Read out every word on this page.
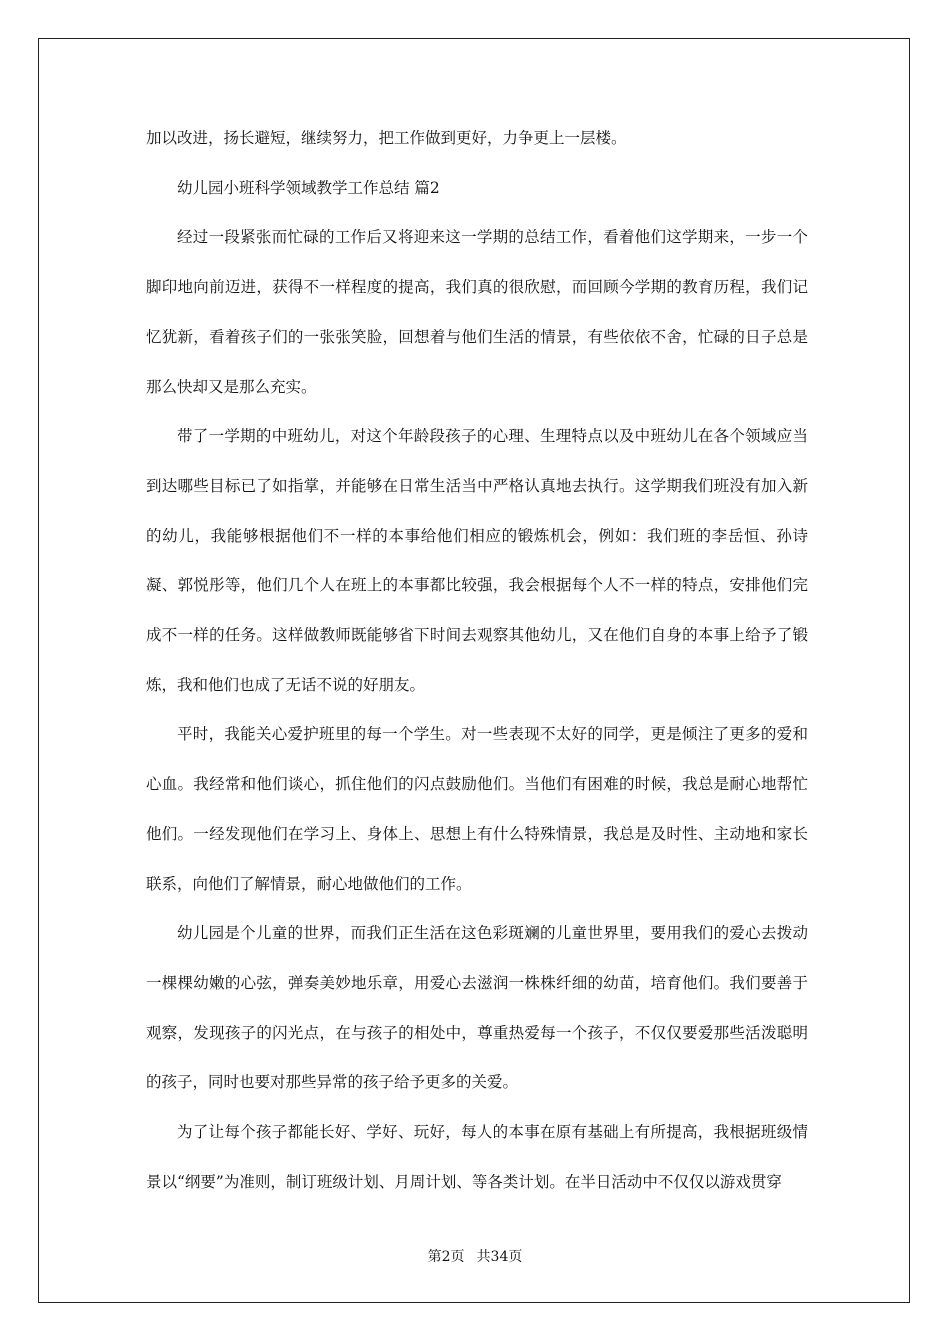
加以改进，扬长避短，继续努力，把工作做到更好，力争更上一层楼。

幼儿园小班科学领域教学工作总结 篇2

经过一段紧张而忙碌的工作后又将迎来这一学期的总结工作，看着他们这学期来，一步一个脚印地向前迈进，获得不一样程度的提高，我们真的很欣慰，而回顾今学期的教育历程，我们记忆犹新，看着孩子们的一张张笑脸，回想着与他们生活的情景，有些依依不舍，忙碌的日子总是那么快却又是那么充实。

带了一学期的中班幼儿，对这个年龄段孩子的心理、生理特点以及中班幼儿在各个领域应当到达哪些目标已了如指掌，并能够在日常生活当中严格认真地去执行。这学期我们班没有加入新的幼儿，我能够根据他们不一样的本事给他们相应的锻炼机会，例如：我们班的李岳恒、孙诗凝、郭悦彤等，他们几个人在班上的本事都比较强，我会根据每个人不一样的特点，安排他们完成不一样的任务。这样做教师既能够省下时间去观察其他幼儿，又在他们自身的本事上给予了锻炼，我和他们也成了无话不说的好朋友。

平时，我能关心爱护班里的每一个学生。对一些表现不太好的同学，更是倾注了更多的爱和心血。我经常和他们谈心，抓住他们的闪点鼓励他们。当他们有困难的时候，我总是耐心地帮忙他们。一经发现他们在学习上、身体上、思想上有什么特殊情景，我总是及时性、主动地和家长联系，向他们了解情景，耐心地做他们的工作。

幼儿园是个儿童的世界，而我们正生活在这色彩斑斓的儿童世界里，要用我们的爱心去拨动一棵棵幼嫩的心弦，弹奏美妙地乐章，用爱心去滋润一株株纤细的幼苗，培育他们。我们要善于观察，发现孩子的闪光点，在与孩子的相处中，尊重热爱每一个孩子，不仅仅要爱那些活泼聪明的孩子，同时也要对那些异常的孩子给予更多的关爱。

为了让每个孩子都能长好、学好、玩好，每人的本事在原有基础上有所提高，我根据班级情景以“纲要”为准则，制订班级计划、月周计划、等各类计划。在半日活动中不仅仅以游戏贯穿

第2页 共34页
